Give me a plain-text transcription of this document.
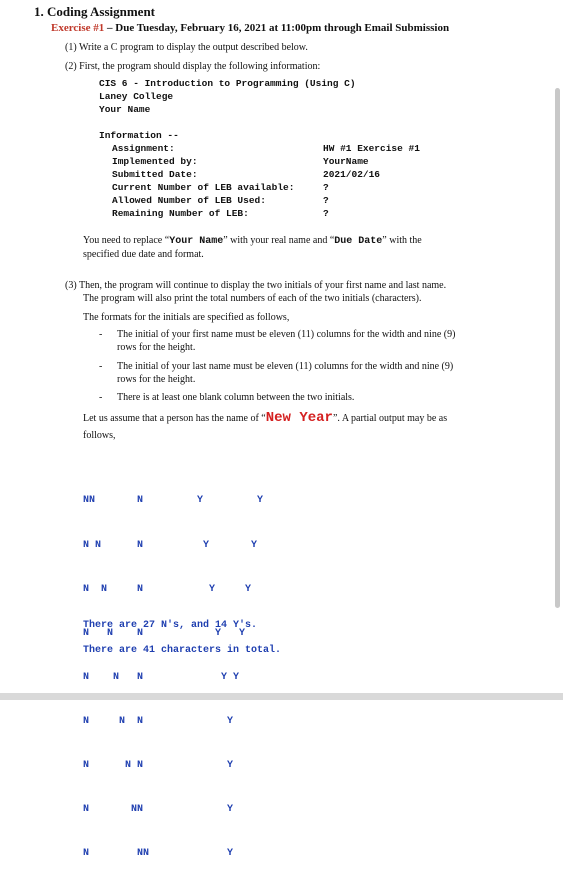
1. Coding Assignment
Exercise #1 – Due Tuesday, February 16, 2021 at 11:00pm through Email Submission
(1) Write a C program to display the output described below.
(2) First, the program should display the following information:
CIS 6 - Introduction to Programming (Using C)
Laney College
Your Name
Information --
Assignment:	HW #1 Exercise #1
Implemented by:	YourName
Submitted Date:	2021/02/16
Current Number of LEB available:	?
Allowed Number of LEB Used:	?
Remaining Number of LEB:	?
You need to replace “Your Name” with your real name and “Due Date” with the
specified due date and format.
(3) Then, the program will continue to display the two initials of your first name and last name.
The program will also print the total numbers of each of the two initials (characters).
The formats for the initials are specified as follows,
- The initial of your first name must be eleven (11) columns for the width and nine (9)
rows for the height.
- The initial of your last name must be eleven (11) columns for the width and nine (9)
rows for the height.
- There is at least one blank column between the two initials.
Let us assume that a person has the name of “New Year”. A partial output may be as
follows,

NN       N

N N      N

N  N     N

N   N    N

N    N   N

N     N  N

N      N N

N       NN

N        NN

Y         Y

Y       Y

Y     Y

Y   Y

Y Y

Y

Y

Y

Y

There are 27 N's, and 14 Y's.
There are 41 characters in total.
